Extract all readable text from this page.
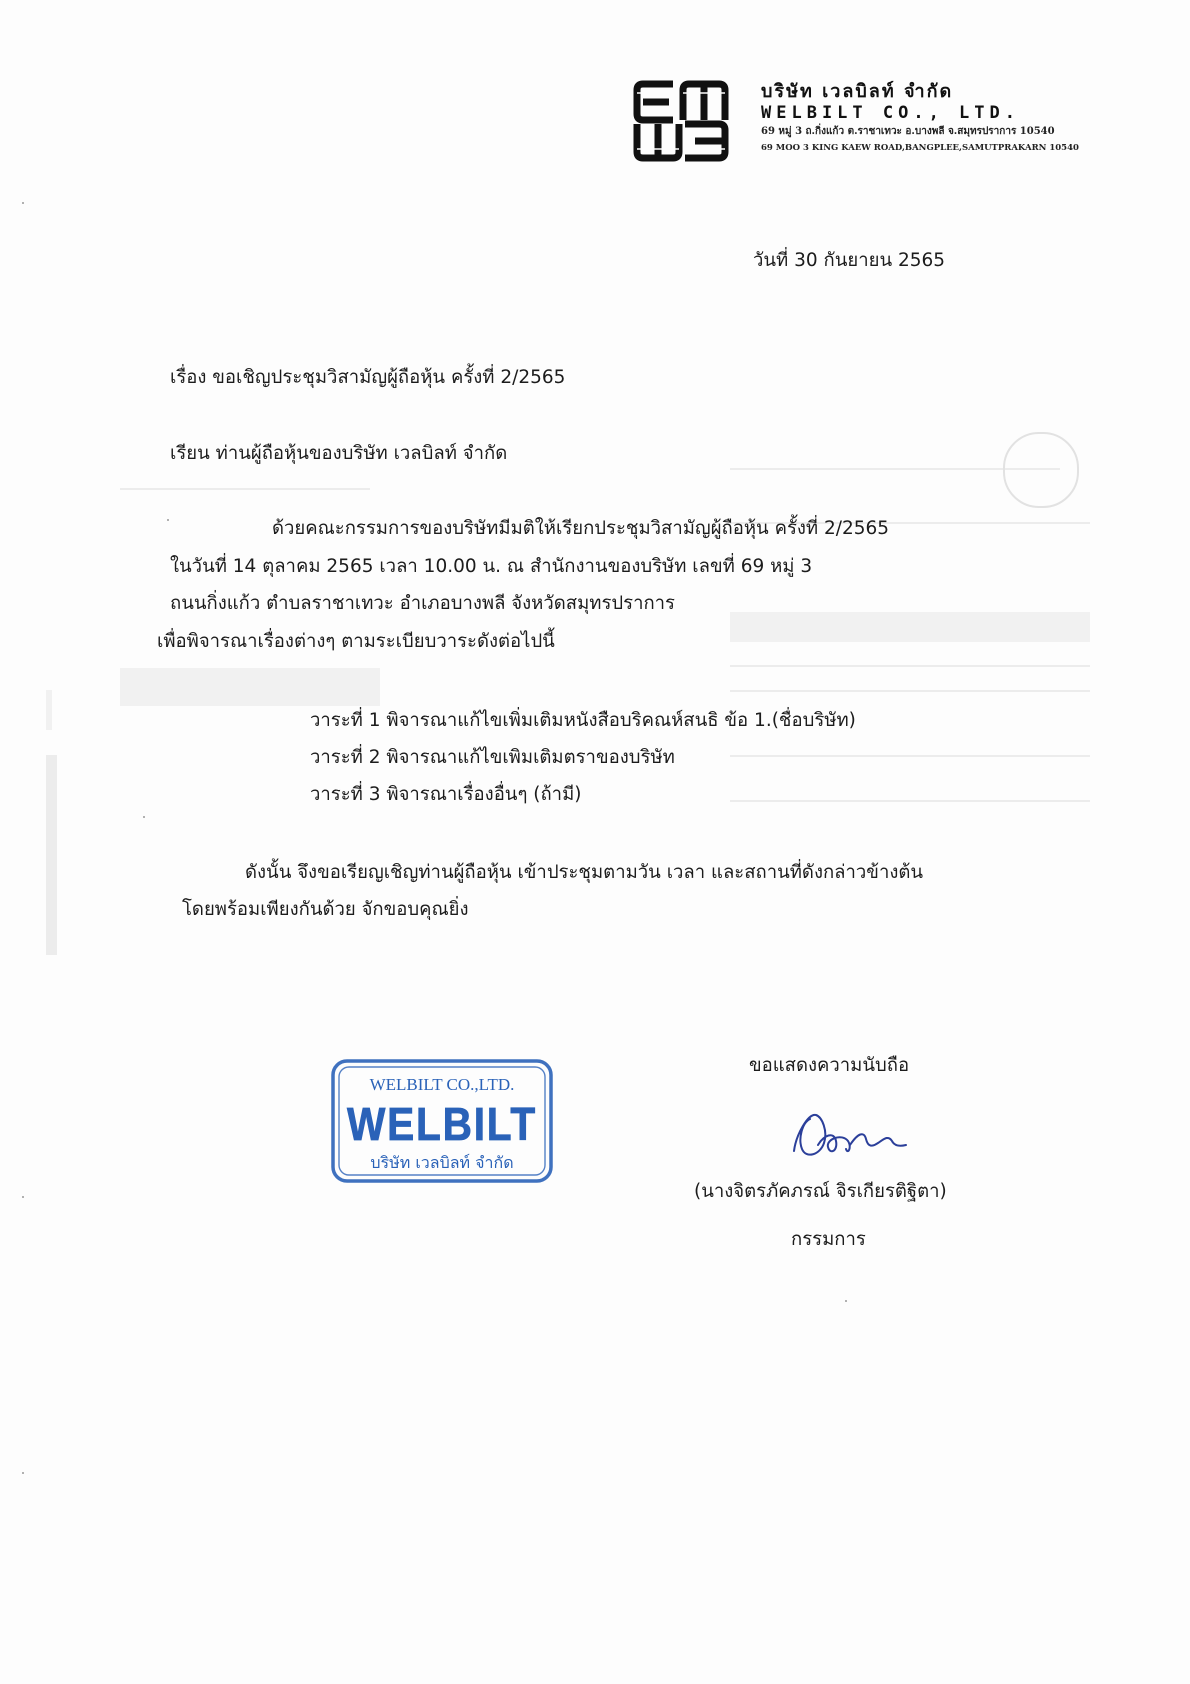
บริษัท เวลบิลท์ จำกัด
WELBILT CO., LTD.
69 หมู่ 3 ถ.กิ่งแก้ว ต.ราชาเทวะ อ.บางพลี จ.สมุทรปราการ 10540
69 MOO 3 KING KAEW ROAD,BANGPLEE,SAMUTPRAKARN 10540
วันที่ 30 กันยายน 2565
เรื่อง ขอเชิญประชุมวิสามัญผู้ถือหุ้น ครั้งที่ 2/2565
เรียน ท่านผู้ถือหุ้นของบริษัท เวลบิลท์ จำกัด
ด้วยคณะกรรมการของบริษัทมีมติให้เรียกประชุมวิสามัญผู้ถือหุ้น ครั้งที่ 2/2565
ในวันที่ 14 ตุลาคม 2565 เวลา 10.00 น. ณ สำนักงานของบริษัท เลขที่ 69 หมู่ 3
ถนนกิ่งแก้ว ตำบลราชาเทวะ อำเภอบางพลี จังหวัดสมุทรปราการ
เพื่อพิจารณาเรื่องต่างๆ ตามระเบียบวาระดังต่อไปนี้
วาระที่ 1 พิจารณาแก้ไขเพิ่มเติมหนังสือบริคณห์สนธิ ข้อ 1.(ชื่อบริษัท)
วาระที่ 2 พิจารณาแก้ไขเพิมเติมตราของบริษัท
วาระที่ 3 พิจารณาเรื่องอื่นๆ (ถ้ามี)
ดังนั้น จึงขอเรียญเชิญท่านผู้ถือหุ้น เข้าประชุมตามวัน เวลา และสถานที่ดังกล่าวข้างต้น
โดยพร้อมเพียงกันด้วย จักขอบคุณยิ่ง
ขอแสดงความนับถือ
(นางจิตรภัคภรณ์ จิรเกียรติฐิตา)
กรรมการ
WELBILT CO.,LTD.
WELBILT
บริษัท เวลบิลท์ จำกัด
